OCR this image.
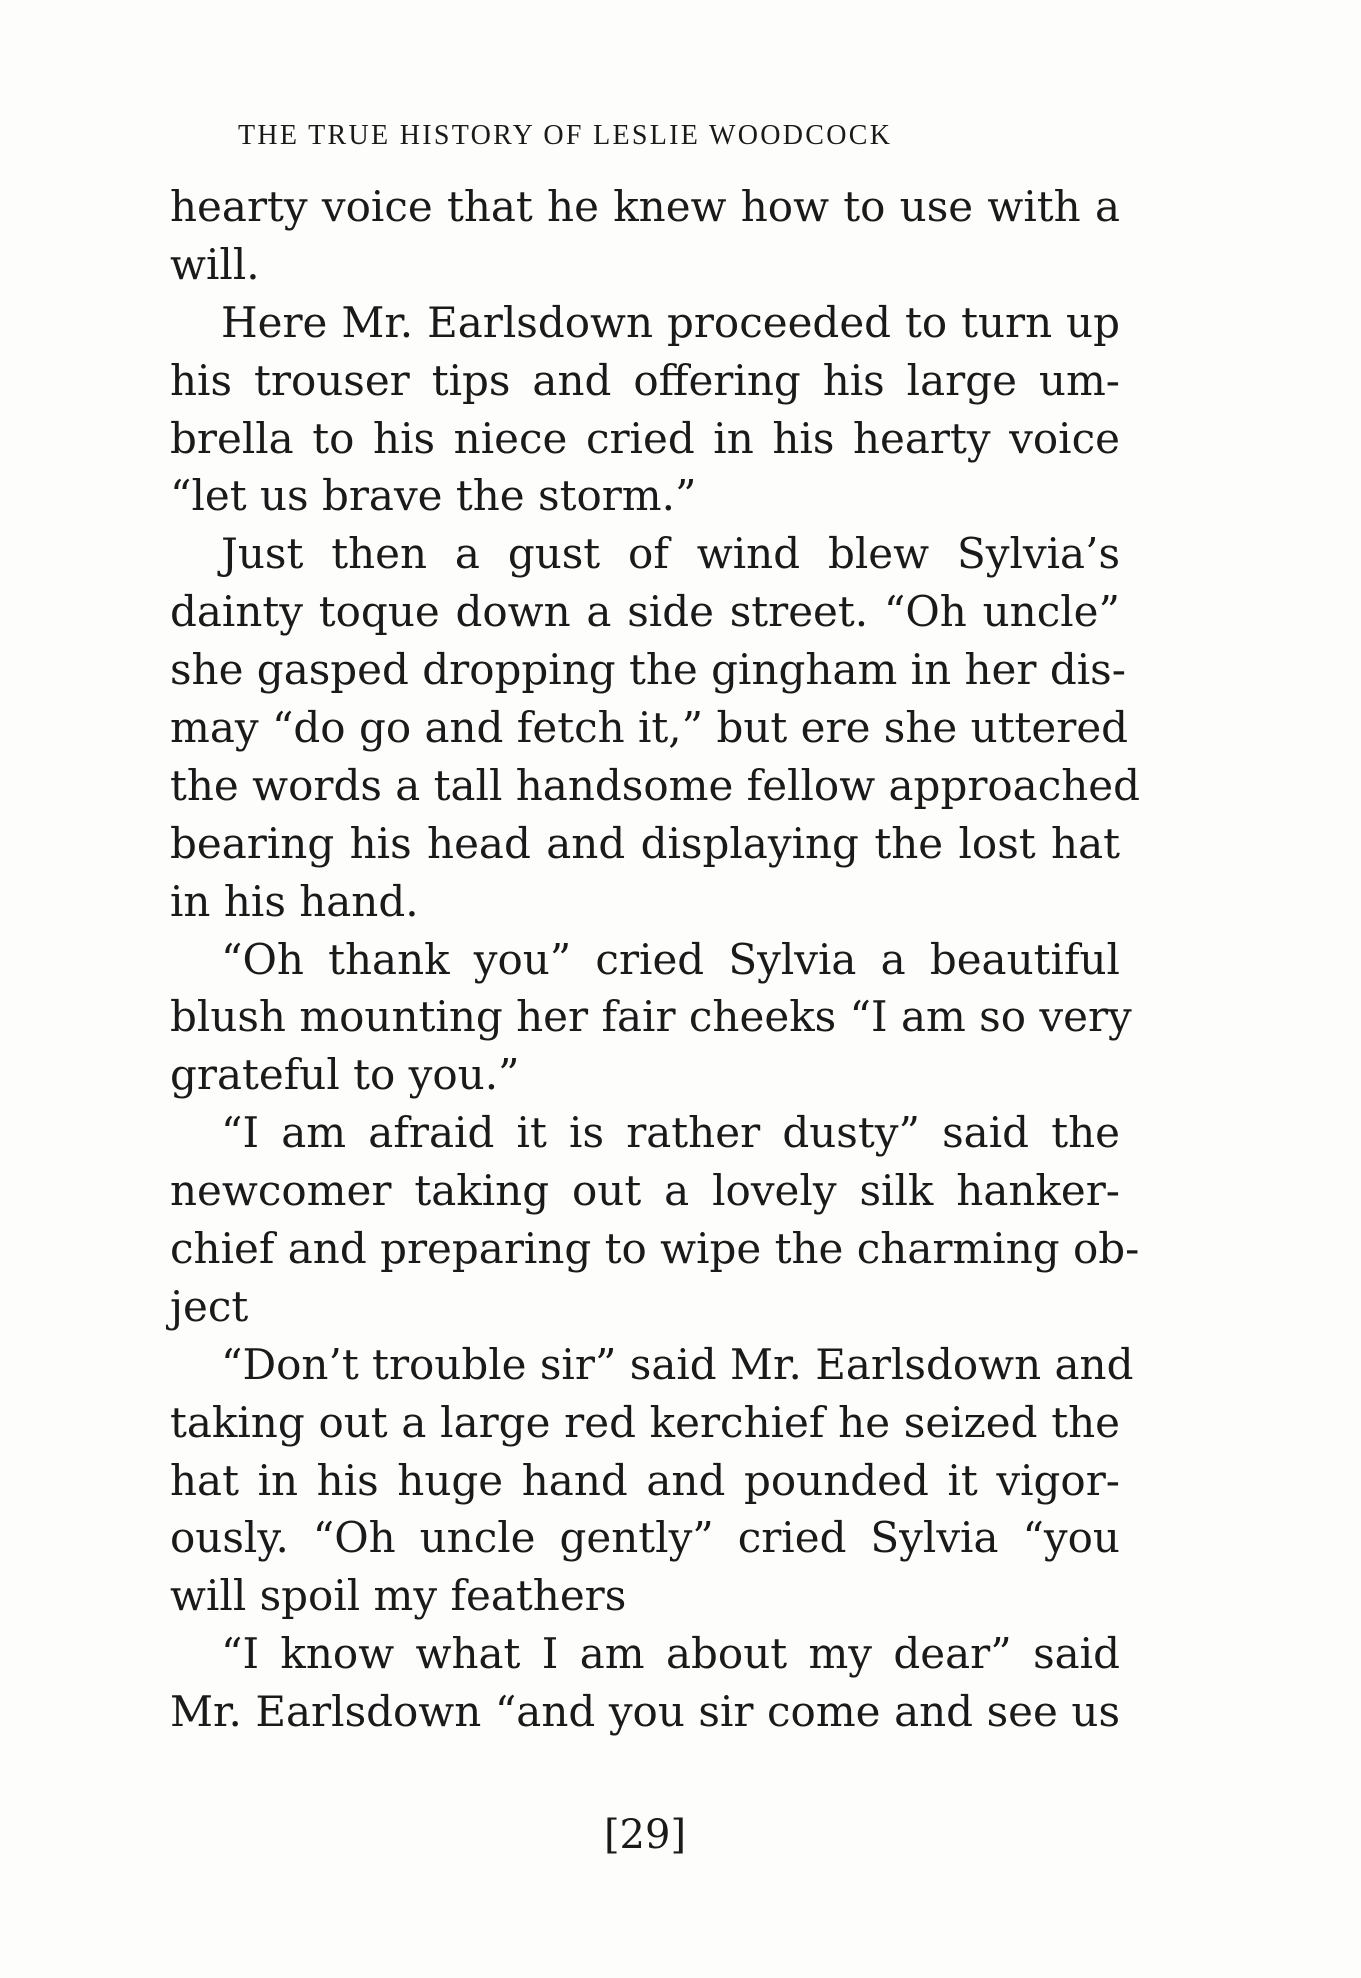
THE TRUE HISTORY OF LESLIE WOODCOCK
hearty voice that he knew how to use with a
will.
Here Mr. Earlsdown proceeded to turn up
his trouser tips and offering his large um-
brella to his niece cried in his hearty voice
“let us brave the storm.”
Just then a gust of wind blew Sylvia’s
dainty toque down a side street. “Oh uncle”
she gasped dropping the gingham in her dis-
may “do go and fetch it,” but ere she uttered
the words a tall handsome fellow approached
bearing his head and displaying the lost hat
in his hand.
“Oh thank you” cried Sylvia a beautiful
blush mounting her fair cheeks “I am so very
grateful to you.”
“I am afraid it is rather dusty” said the
newcomer taking out a lovely silk hanker-
chief and preparing to wipe the charming ob-
ject
“Don’t trouble sir” said Mr. Earlsdown and
taking out a large red kerchief he seized the
hat in his huge hand and pounded it vigor-
ously. “Oh uncle gently” cried Sylvia “you
will spoil my feathers
“I know what I am about my dear” said
Mr. Earlsdown “and you sir come and see us
[29]
